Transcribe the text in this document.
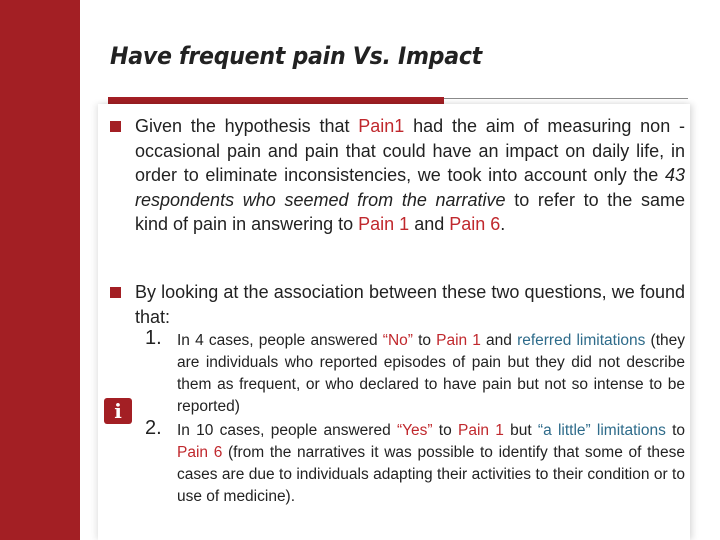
Have frequent pain Vs. Impact
Given the hypothesis that Pain1 had the aim of measuring non -occasional pain and pain that could have an impact on daily life, in order to eliminate inconsistencies, we took into account only the 43 respondents who seemed from the narrative to refer to the same kind of pain in answering to Pain 1 and Pain 6.
By looking at the association between these two questions, we found that:
1. In 4 cases, people answered “No” to Pain 1 and referred limitations (they are individuals who reported episodes of pain but they did not describe them as frequent, or who declared to have pain but not so intense to be reported)
2. In 10 cases, people answered “Yes” to Pain 1 but “a little” limitations to Pain 6 (from the narratives it was possible to identify that some of these cases are due to individuals adapting their activities to their condition or to use of medicine).
i
